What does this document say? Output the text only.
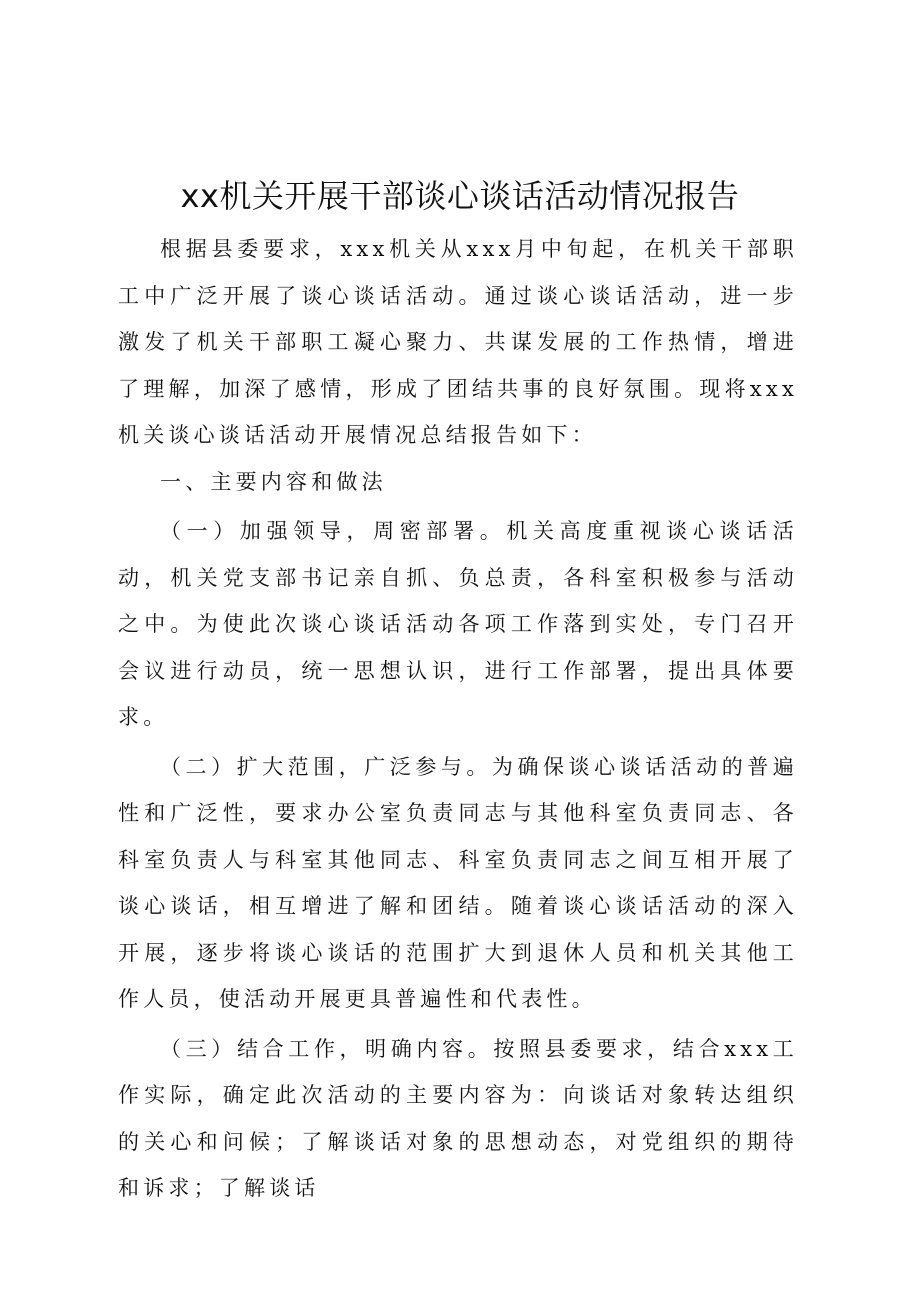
xx机关开展干部谈心谈话活动情况报告

根据县委要求，xxx机关从xxx月中旬起，在机关干部职工中广泛开展了谈心谈话活动。通过谈心谈话活动，进一步激发了机关干部职工凝心聚力、共谋发展的工作热情，增进了理解，加深了感情，形成了团结共事的良好氛围。现将xxx机关谈心谈话活动开展情况总结报告如下：

一、主要内容和做法

（一）加强领导，周密部署。机关高度重视谈心谈话活动，机关党支部书记亲自抓、负总责，各科室积极参与活动之中。为使此次谈心谈话活动各项工作落到实处，专门召开会议进行动员，统一思想认识，进行工作部署，提出具体要求。

（二）扩大范围，广泛参与。为确保谈心谈话活动的普遍性和广泛性，要求办公室负责同志与其他科室负责同志、各科室负责人与科室其他同志、科室负责同志之间互相开展了谈心谈话，相互增进了解和团结。随着谈心谈话活动的深入开展，逐步将谈心谈话的范围扩大到退休人员和机关其他工作人员，使活动开展更具普遍性和代表性。

（三）结合工作，明确内容。按照县委要求，结合xxx工作实际，确定此次活动的主要内容为：向谈话对象转达组织的关心和问候；了解谈话对象的思想动态，对党组织的期待和诉求；了解谈话
